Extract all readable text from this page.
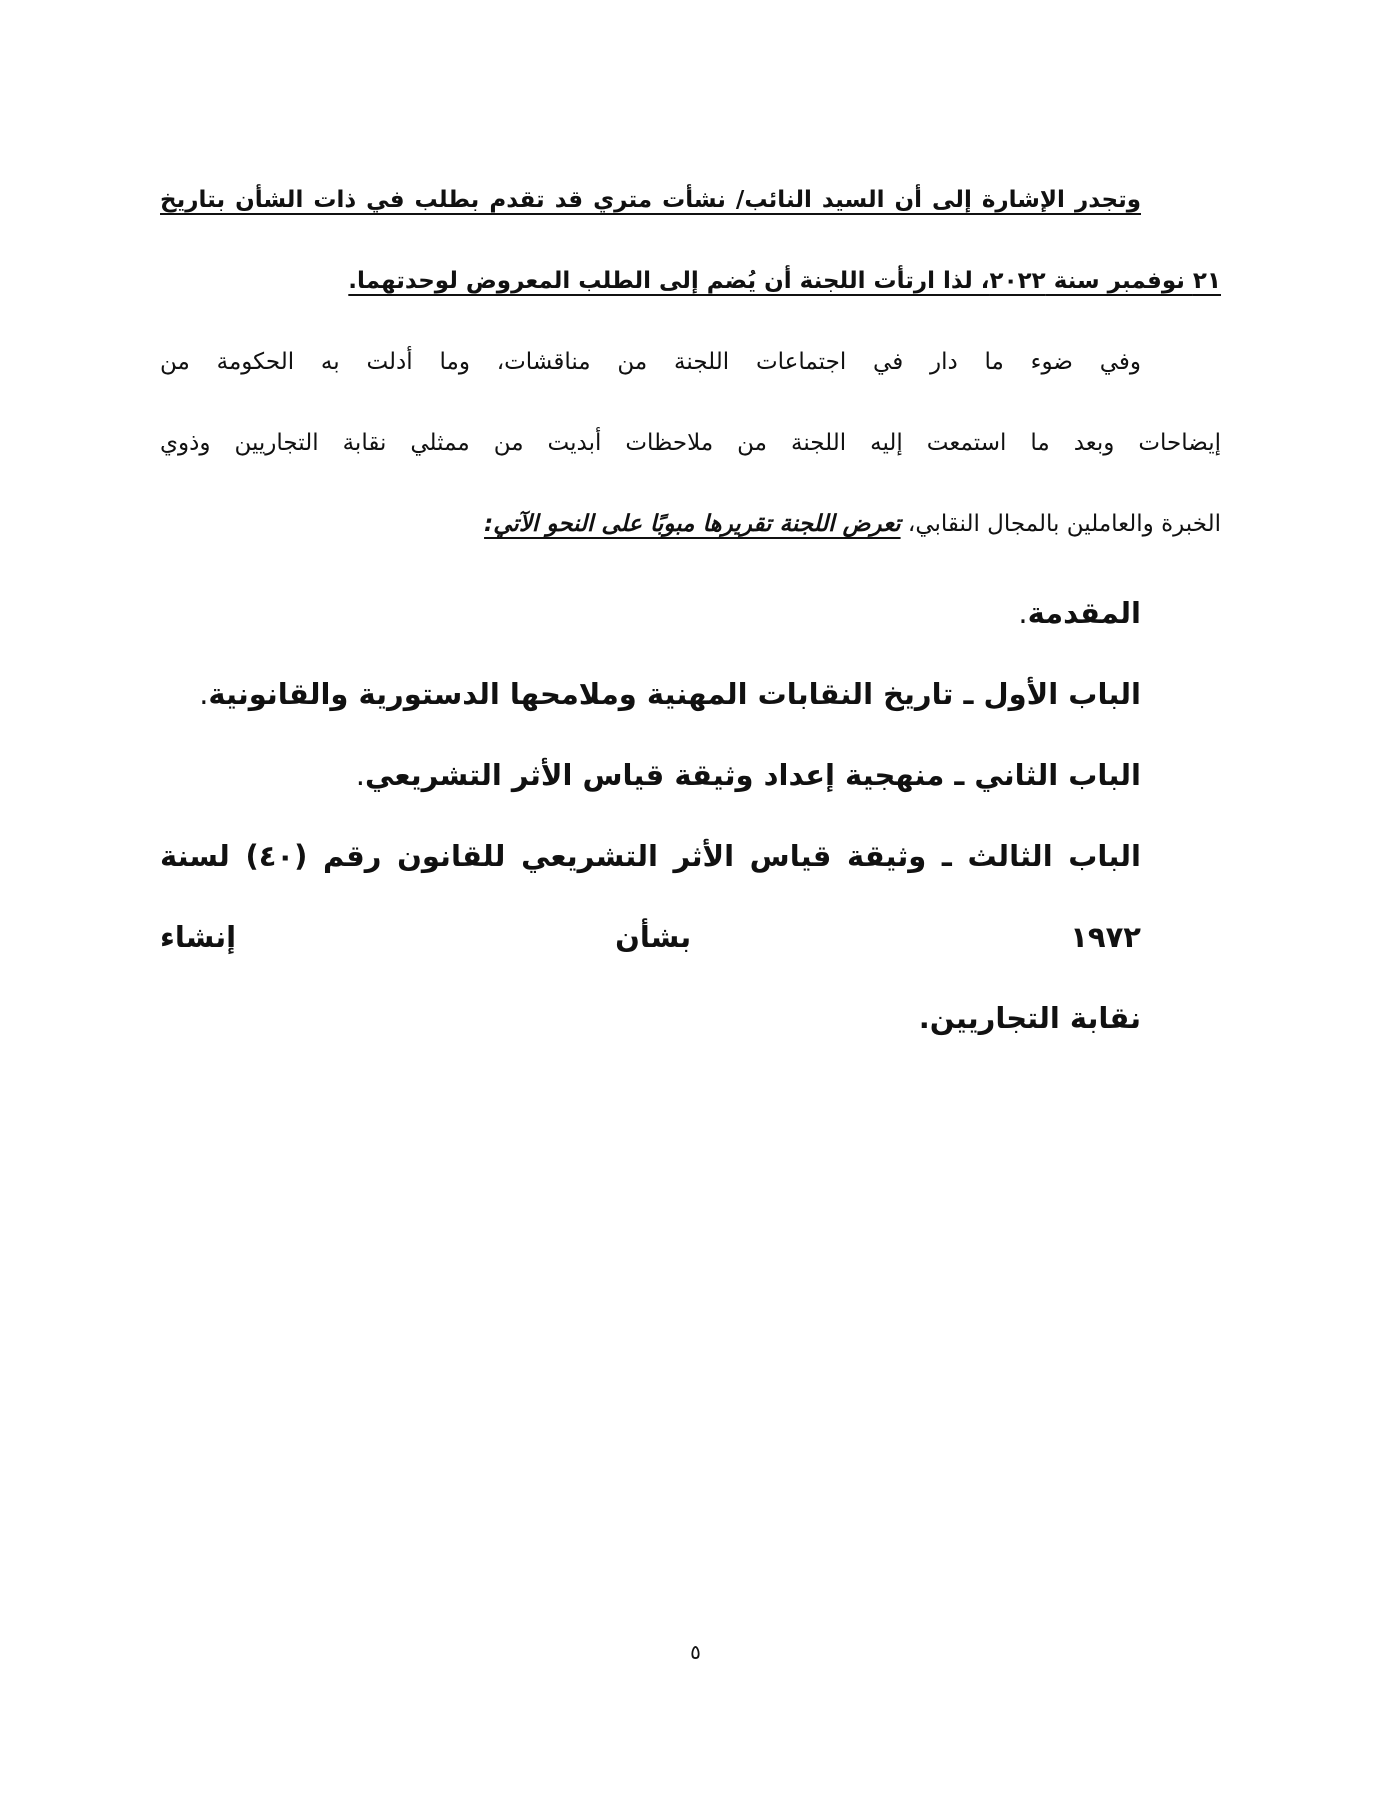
وتجدر الإشارة إلى أن السيد النائب/ نشأت متري قد تقدم بطلب في ذات الشأن بتاريخ

٢١ نوفمبر سنة ٢٠٢٢، لذا ارتأت اللجنة أن يُضم إلى الطلب المعروض لوحدتهما.

وفي ضوء ما دار في اجتماعات اللجنة من مناقشات، وما أدلت به الحكومة من

إيضاحات وبعد ما استمعت إليه اللجنة من ملاحظات أبديت من ممثلي نقابة التجاريين وذوي

الخبرة والعاملين بالمجال النقابي، تعرض اللجنة تقريرها مبوبًا على النحو الآتي:

المقدمة.

الباب الأول ـ تاريخ النقابات المهنية وملامحها الدستورية والقانونية.

الباب الثاني ـ منهجية إعداد وثيقة قياس الأثر التشريعي.

الباب الثالث ـ وثيقة قياس الأثر التشريعي للقانون رقم (٤٠) لسنة ١٩٧٢ بشأن إنشاء

نقابة التجاريين.

٥
